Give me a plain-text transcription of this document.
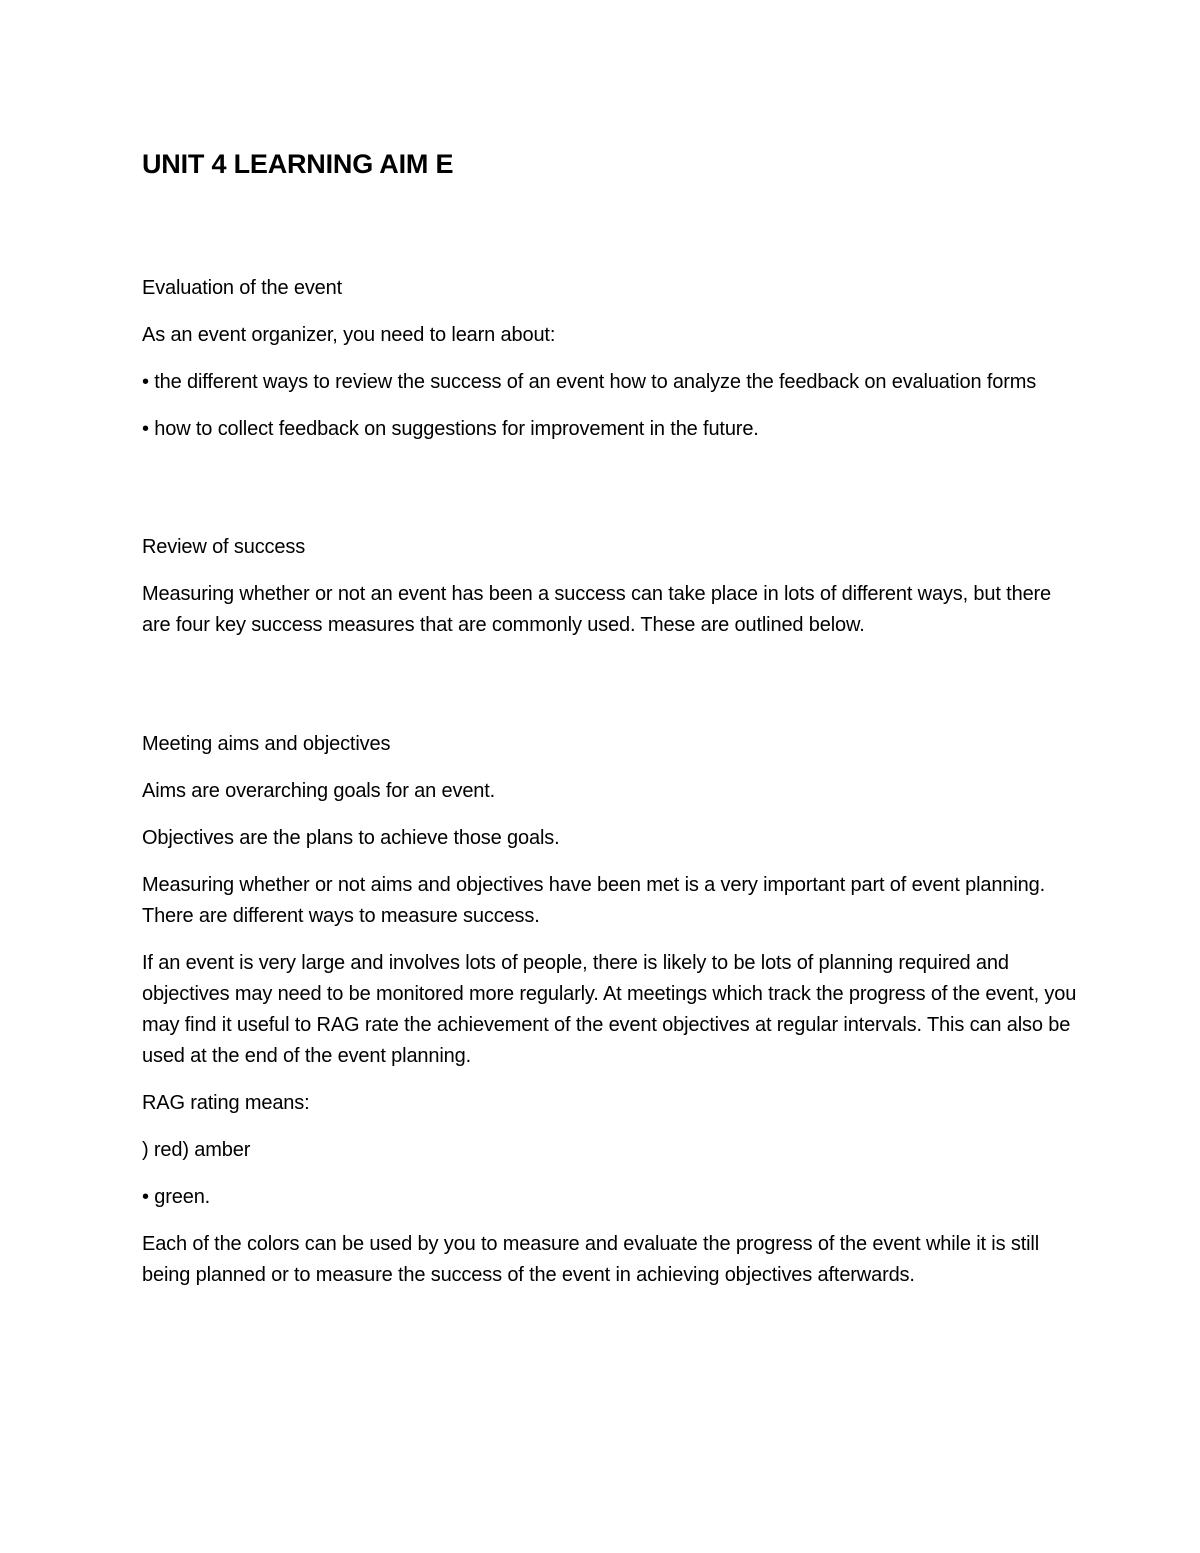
UNIT 4 LEARNING AIM E

Evaluation of the event

As an event organizer, you need to learn about:

• the different ways to review the success of an event how to analyze the feedback on evaluation forms

• how to collect feedback on suggestions for improvement in the future.

Review of success

Measuring whether or not an event has been a success can take place in lots of different ways, but there are four key success measures that are commonly used. These are outlined below.

Meeting aims and objectives

Aims are overarching goals for an event.

Objectives are the plans to achieve those goals.

Measuring whether or not aims and objectives have been met is a very important part of event planning. There are different ways to measure success.

If an event is very large and involves lots of people, there is likely to be lots of planning required and objectives may need to be monitored more regularly. At meetings which track the progress of the event, you may find it useful to RAG rate the achievement of the event objectives at regular intervals. This can also be used at the end of the event planning.

RAG rating means:

) red) amber

• green.

Each of the colors can be used by you to measure and evaluate the progress of the event while it is still being planned or to measure the success of the event in achieving objectives afterwards.
